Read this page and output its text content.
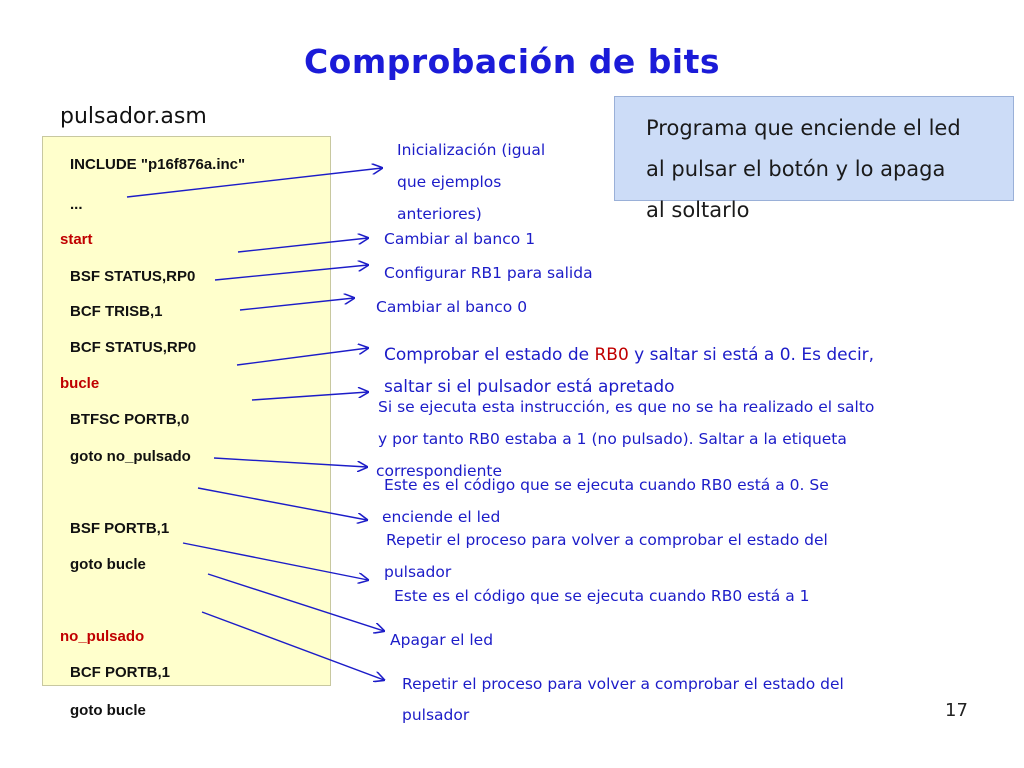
Comprobación de bits
pulsador.asm
INCLUDE "p16f876a.inc"
...
start
BSF STATUS,RP0
BCF TRISB,1
BCF STATUS,RP0
bucle
BTFSC PORTB,0
goto no_pulsado
BSF PORTB,1
goto bucle
no_pulsado
BCF PORTB,1
goto bucle
Programa que enciende el led
al pulsar el botón y lo apaga
al soltarlo
Inicialización (igual
que ejemplos
anteriores)
Cambiar al banco 1
Configurar RB1 para salida
Cambiar al banco 0
Comprobar el estado de RB0 y saltar si está a 0. Es decir,
saltar si el pulsador está apretado
Si se ejecuta esta instrucción, es que no se ha realizado el salto
y por tanto RB0 estaba a 1 (no pulsado). Saltar a la etiqueta
correspondiente
Este es el código que se ejecuta cuando RB0 está a 0. Se
enciende el led
Repetir el proceso para volver a comprobar el estado del
pulsador
Este es el código que se ejecuta cuando RB0 está a 1
Apagar el led
Repetir el proceso para volver a comprobar el estado del
pulsador	17
